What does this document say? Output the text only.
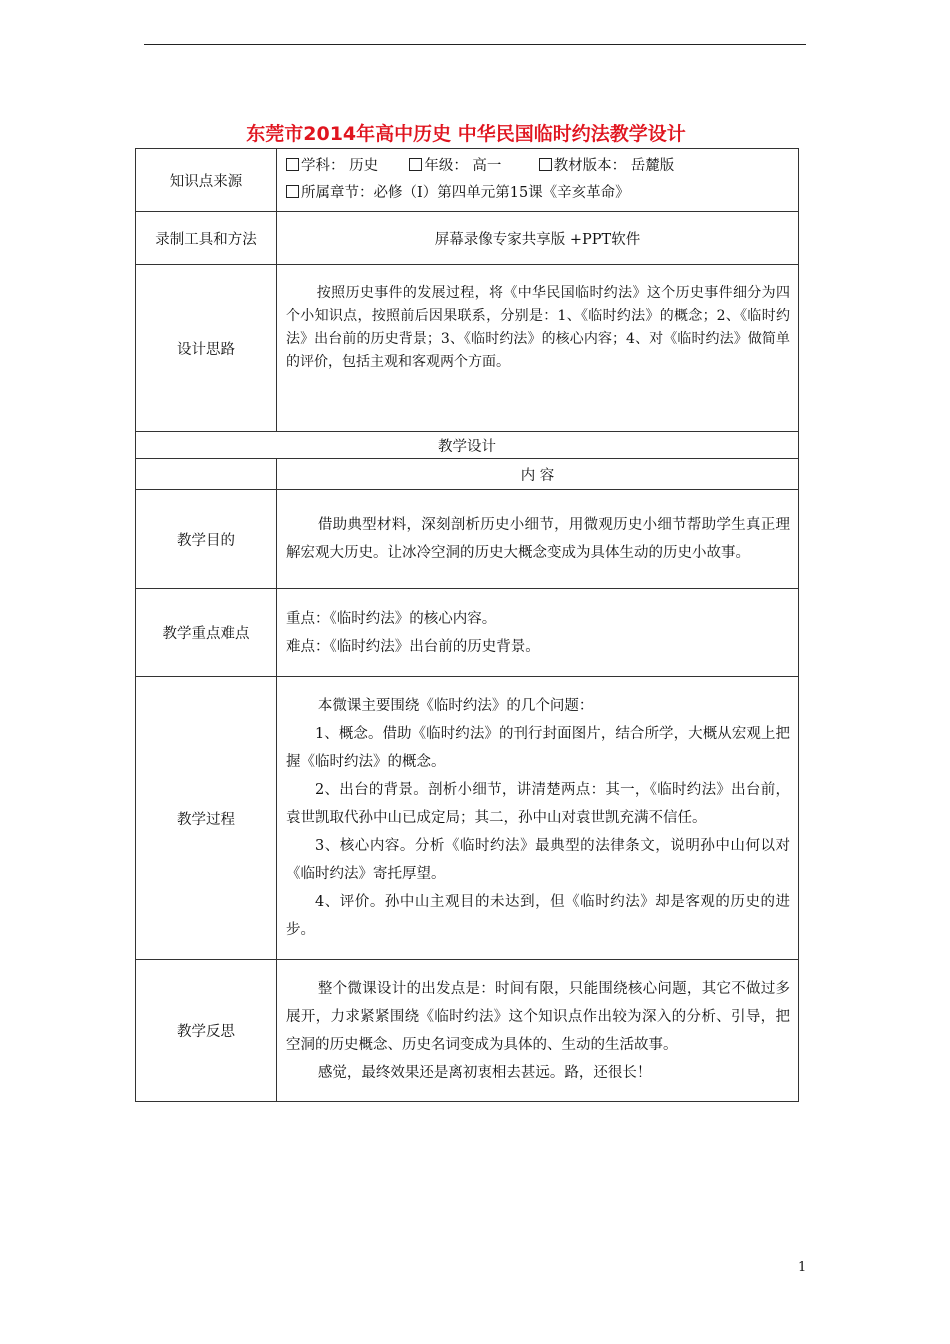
东莞市2014年高中历史 中华民国临时约法教学设计
知识点来源	学科： 历史 年级： 高一 教材版本： 岳麓版
所属章节：必修（Ⅰ）第四单元第15课《辛亥革命》

录制工具和方法	屏幕录像专家共享版 +PPT软件
设计思路	按照历史事件的发展过程，将《中华民国临时约法》这个历史事件细分为四个小知识点，按照前后因果联系，分别是：1、《临时约法》的概念；2、《临时约法》出台前的历史背景；3、《临时约法》的核心内容；4、对《临时约法》做简单的评价，包括主观和客观两个方面。

教学设计	
	内 容
教学目的	借助典型材料，深刻剖析历史小细节，用微观历史小细节帮助学生真正理解宏观大历史。让冰冷空洞的历史大概念变成为具体生动的历史小故事。

教学重点难点	重点：《临时约法》的核心内容。

难点：《临时约法》出台前的历史背景。

教学过程	本微课主要围绕《临时约法》的几个问题：

1、概念。借助《临时约法》的刊行封面图片，结合所学，大概从宏观上把握《临时约法》的概念。

2、出台的背景。剖析小细节，讲清楚两点：其一，《临时约法》出台前，袁世凯取代孙中山已成定局；其二，孙中山对袁世凯充满不信任。

3、核心内容。分析《临时约法》最典型的法律条文，说明孙中山何以对《临时约法》寄托厚望。

4、评价。孙中山主观目的未达到，但《临时约法》却是客观的历史的进步。

教学反思	整个微课设计的出发点是：时间有限，只能围绕核心问题，其它不做过多展开，力求紧紧围绕《临时约法》这个知识点作出较为深入的分析、引导，把空洞的历史概念、历史名词变成为具体的、生动的生活故事。

感觉，最终效果还是离初衷相去甚远。路，还很长！

1
